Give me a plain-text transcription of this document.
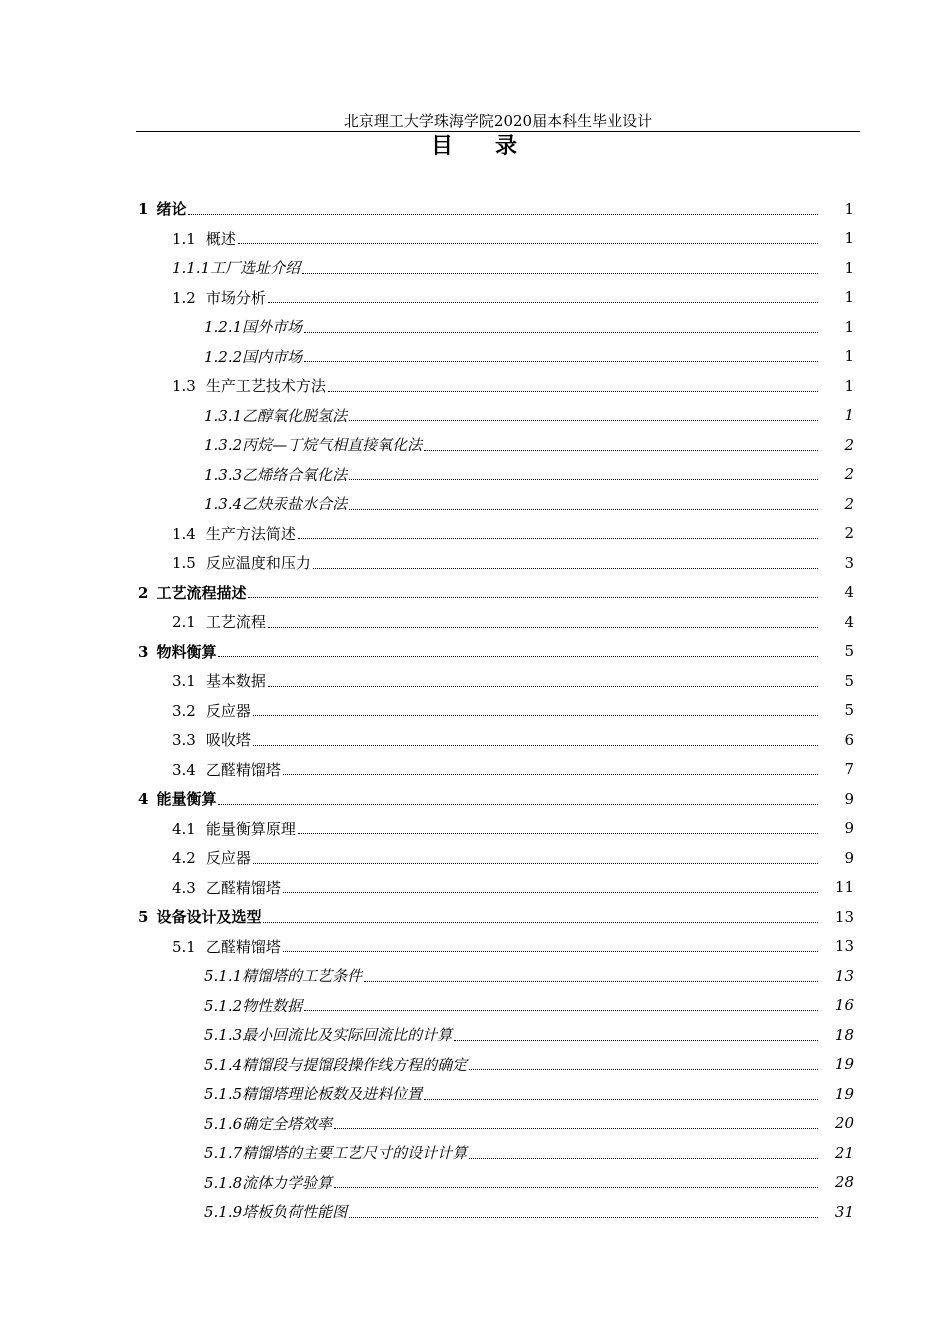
北京理工大学珠海学院2020届本科生毕业设计
目 录
1 绪论	1
1.1 概述	1
1.1.1工厂选址介绍	1
1.2 市场分析	1
1.2.1国外市场	1
1.2.2国内市场	1
1.3 生产工艺技术方法	1
1.3.1乙醇氧化脱氢法	1
1.3.2丙烷—丁烷气相直接氧化法	2
1.3.3乙烯络合氧化法	2
1.3.4乙炔汞盐水合法	2
1.4 生产方法简述	2
1.5 反应温度和压力	3
2 工艺流程描述	4
2.1 工艺流程	4
3 物料衡算	5
3.1 基本数据	5
3.2 反应器	5
3.3 吸收塔	6
3.4 乙醛精馏塔	7
4 能量衡算	9
4.1 能量衡算原理	9
4.2 反应器	9
4.3 乙醛精馏塔	11
5 设备设计及选型	13
5.1 乙醛精馏塔	13
5.1.1精馏塔的工艺条件	13
5.1.2物性数据	16
5.1.3最小回流比及实际回流比的计算	18
5.1.4精馏段与提馏段操作线方程的确定	19
5.1.5精馏塔理论板数及进料位置	19
5.1.6确定全塔效率	20
5.1.7精馏塔的主要工艺尺寸的设计计算	21
5.1.8流体力学验算	28
5.1.9塔板负荷性能图	31
